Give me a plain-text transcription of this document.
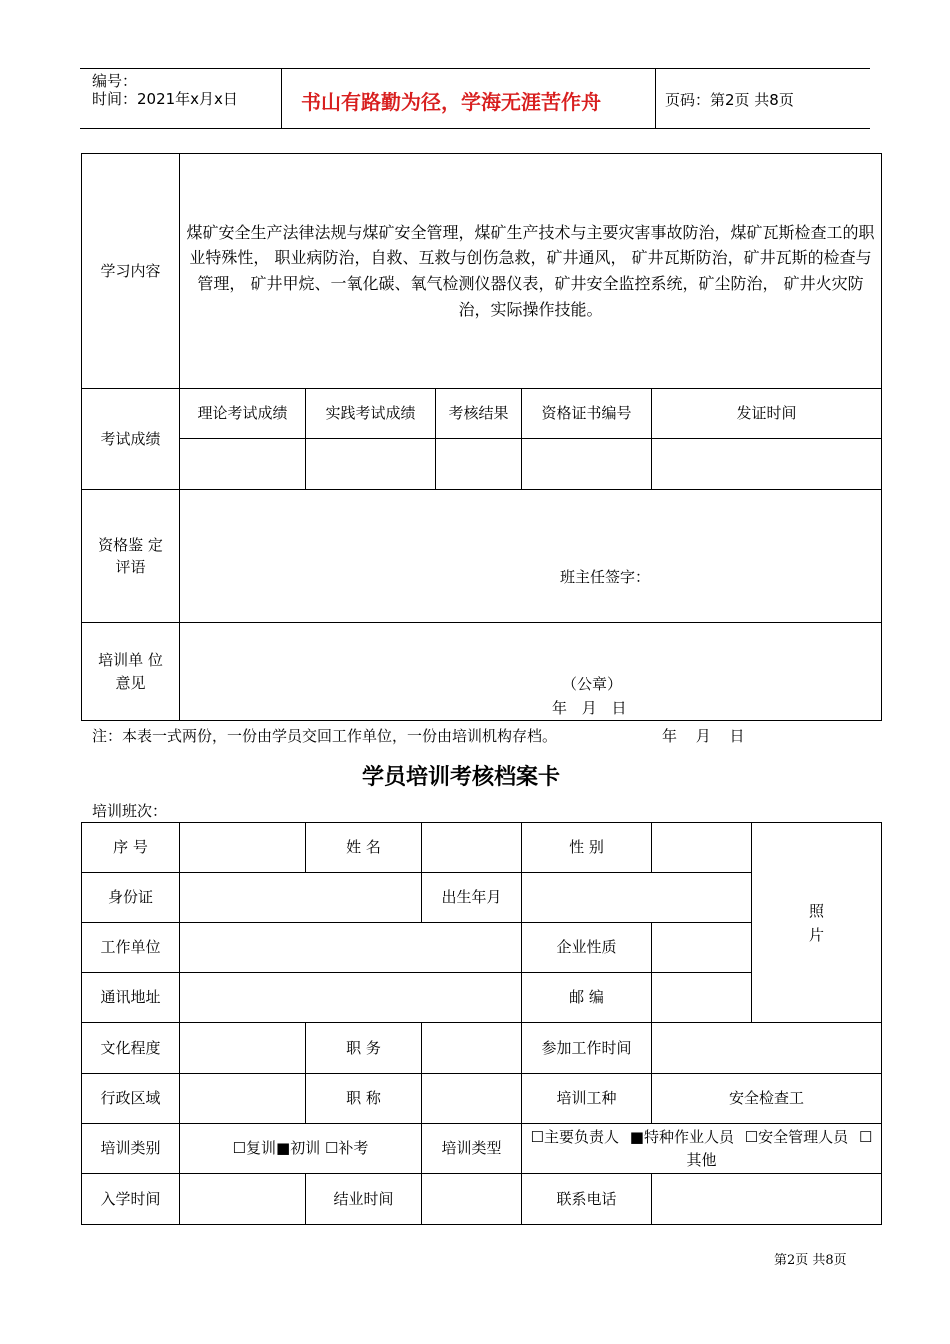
编号：
时间：2021年x月x日	书山有路勤为径，学海无涯苦作舟	页码：第2页 共8页
学习内容	煤矿安全生产法律法规与煤矿安全管理，煤矿生产技术与主要灾害事故防治，煤矿瓦斯检查工的职业特殊性， 职业病防治，自救、互救与创伤急救，矿井通风， 矿井瓦斯防治，矿井瓦斯的检查与管理， 矿井甲烷、一氧化碳、氧气检测仪器仪表，矿井安全监控系统，矿尘防治， 矿井火灾防治，实际操作技能。				
考试成绩	理论考试成绩	实践考试成绩	考核结果	资格证书编号	发证时间

资格鉴 定评语	班主任签字：				

培训单 位意见	（公章）
年 月 日				
注：本表一式两份，一份由学员交回工作单位，一份由培训机构存档。	年 月 日
学员培训考核档案卡
培训班次：
序 号		姓 名		性 别		照
片
身份证			出生年月			
工作单位				企业性质		
通讯地址				邮 编		
文化程度		职 务		参加工作时间		
行政区域		职 称		培训工种	安全检查工	
培训类别	☐复训■初训 ☐补考		培训类型	☐主要负责人 ■特种作业人员 ☐安全管理人员 ☐其他		
入学时间		结业时间		联系电话		
第2页 共8页
